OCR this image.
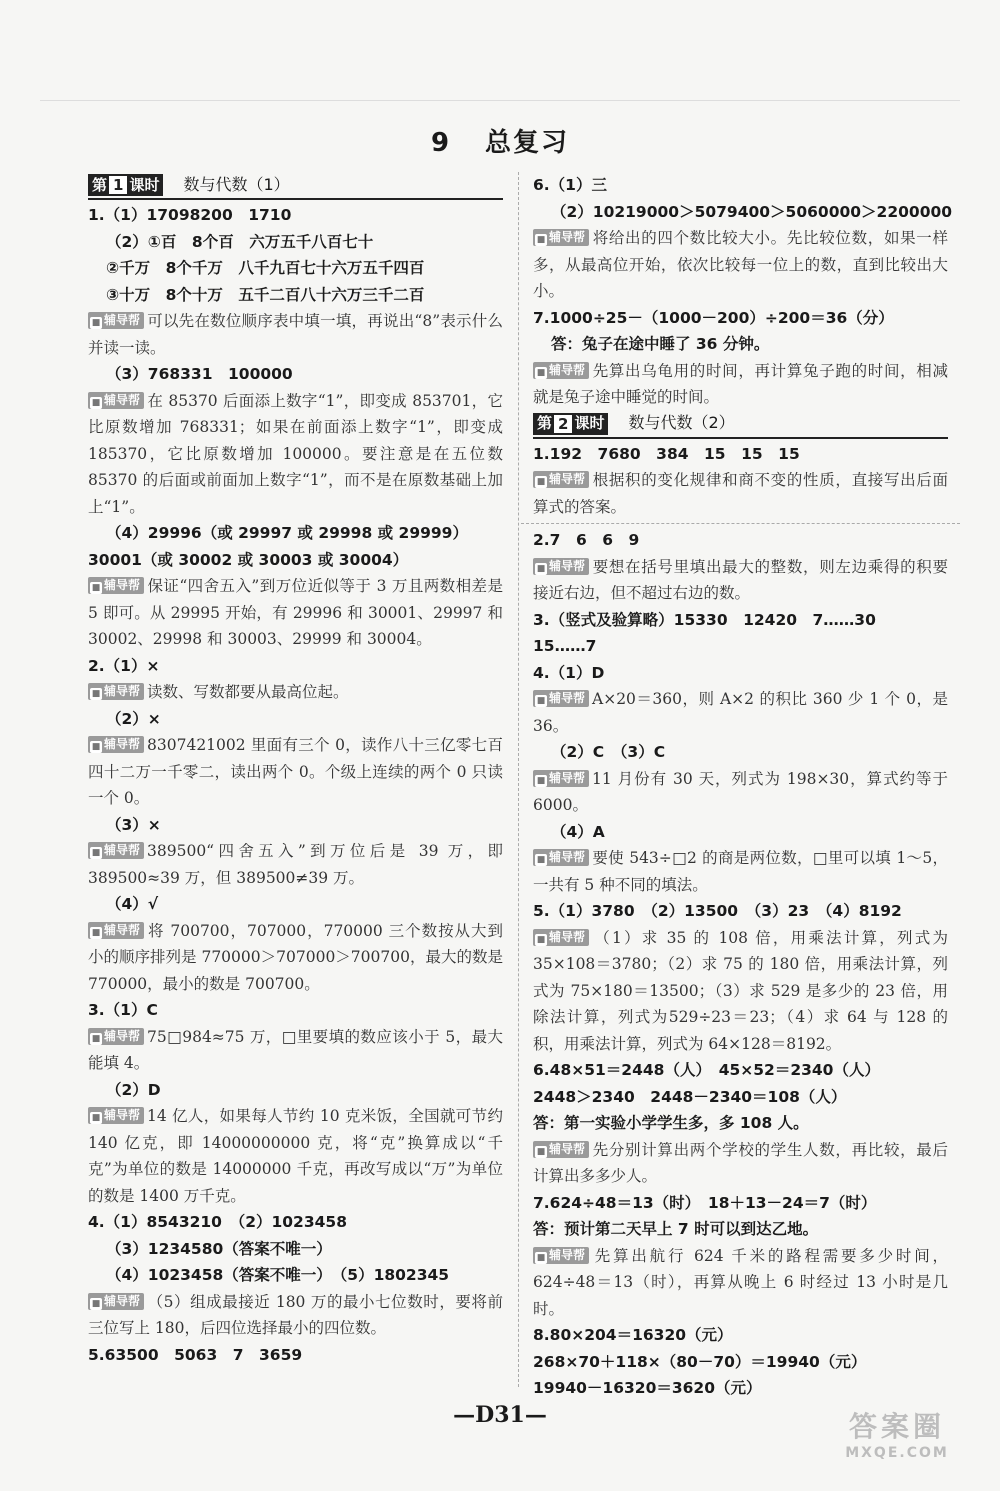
9 总复习
第 1 课时 数与代数（1）
1.（1）17098200　1710
（2）①百　8个百　六万五千八百七十
②千万　8个千万　八千九百七十六万五千四百
③十万　8个十万　五千二百八十六万三千二百
■ 辅导帮 可以先在数位顺序表中填一填，再说出“8”表示什么并读一读。
（3）768331　100000
■ 辅导帮 在 85370 后面添上数字“1”，即变成 853701，它比原数增加 768331；如果在前面添上数字“1”，即变成 185370，它比原数增加 100000。要注意是在五位数 85370 的后面或前面加上数字“1”，而不是在原数基础上加上“1”。
（4）29996（或 29997 或 29998 或 29999）
30001（或 30002 或 30003 或 30004）
■ 辅导帮 保证“四舍五入”到万位近似等于 3 万且两数相差是 5 即可。从 29995 开始，有 29996 和 30001、29997 和 30002、29998 和 30003、29999 和 30004。
2.（1）×
■ 辅导帮 读数、写数都要从最高位起。
（2）×
■ 辅导帮 8307421002 里面有三个 0，读作八十三亿零七百四十二万一千零二，读出两个 0。个级上连续的两个 0 只读一个 0。
（3）×
■ 辅导帮 389500“四舍五入”到万位后是 39 万，即 389500≈39 万，但 389500≠39 万。
（4）√
■ 辅导帮 将 700700，707000，770000 三个数按从大到小的顺序排列是 770000＞707000＞700700，最大的数是 770000，最小的数是 700700。
3.（1）C
■ 辅导帮 75□984≈75 万，□里要填的数应该小于 5，最大能填 4。
（2）D
■ 辅导帮 14 亿人，如果每人节约 10 克米饭，全国就可节约 140 亿克，即 14000000000 克，将“克”换算成以“千克”为单位的数是 14000000 千克，再改写成以“万”为单位的数是 1400 万千克。
4.（1）8543210　（2）1023458
（3）1234580（答案不唯一）
（4）1023458（答案不唯一）　（5）1802345
■ 辅导帮 （5）组成最接近 180 万的最小七位数时，要将前三位写上 180，后四位选择最小的四位数。
5.63500　5063　7　3659
6.（1）三
（2）10219000＞5079400＞5060000＞2200000
■ 辅导帮 将给出的四个数比较大小。先比较位数，如果一样多，从最高位开始，依次比较每一位上的数，直到比较出大小。
7.1000÷25－（1000－200）÷200＝36（分）
答：兔子在途中睡了 36 分钟。
■ 辅导帮 先算出乌龟用的时间，再计算兔子跑的时间，相减就是兔子途中睡觉的时间。
第 2 课时 数与代数（2）
1.192　7680　384　15　15　15
■ 辅导帮 根据积的变化规律和商不变的性质，直接写出后面算式的答案。
2.7　6　6　9
■ 辅导帮 要想在括号里填出最大的整数，则左边乘得的积要接近右边，但不超过右边的数。
3.（竖式及验算略）15330　12420　7……30
15……7
4.（1）D
■ 辅导帮 A×20＝360，则 A×2 的积比 360 少 1 个 0，是 36。
（2）C　（3）C
■ 辅导帮 11 月份有 30 天，列式为 198×30，算式约等于 6000。
（4）A
■ 辅导帮 要使 543÷□2 的商是两位数，□里可以填 1～5，一共有 5 种不同的填法。
5.（1）3780　（2）13500　（3）23　（4）8192
■ 辅导帮 （1）求 35 的 108 倍，用乘法计算，列式为 35×108＝3780；（2）求 75 的 180 倍，用乘法计算，列式为 75×180＝13500；（3）求 529 是多少的 23 倍，用除法计算，列式为529÷23＝23；（4）求 64 与 128 的积，用乘法计算，列式为 64×128＝8192。
6.48×51＝2448（人）　45×52＝2340（人）
2448＞2340　2448－2340＝108（人）
答：第一实验小学学生多，多 108 人。
■ 辅导帮 先分别计算出两个学校的学生人数，再比较，最后计算出多多少人。
7.624÷48＝13（时）　18＋13－24＝7（时）
答：预计第二天早上 7 时可以到达乙地。
■ 辅导帮 先算出航行 624 千米的路程需要多少时间，624÷48＝13（时），再算从晚上 6 时经过 13 小时是几时。
8.80×204＝16320（元）
268×70＋118×（80－70）＝19940（元）
19940－16320＝3620（元）
—D31—	答案圈
MXQE.COM
